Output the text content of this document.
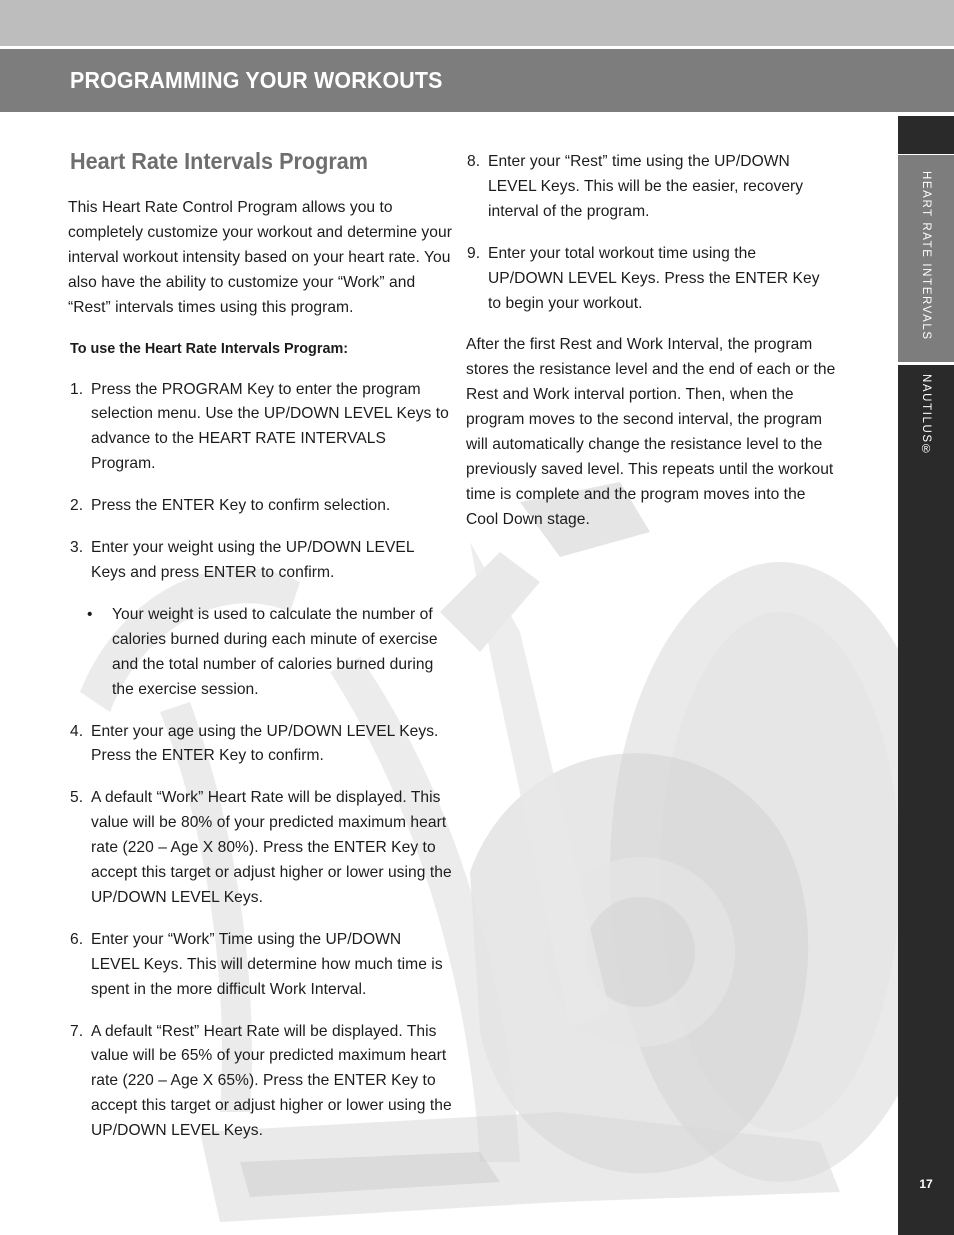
PROGRAMMING YOUR WORKOUTS
Heart Rate Intervals Program

This Heart Rate Control Program allows you to completely customize your workout and determine your interval workout intensity based on your heart rate. You also have the ability to customize your “Work” and “Rest” intervals times using this program.

To use the Heart Rate Intervals Program:
1. Press the PROGRAM Key to enter the program selection menu. Use the UP/DOWN LEVEL Keys to advance to the HEART RATE INTERVALS Program.
2. Press the ENTER Key to confirm selection.
3. Enter your weight using the UP/DOWN LEVEL Keys and press ENTER to confirm.
• Your weight is used to calculate the number of calories burned during each minute of exercise and the total number of calories burned during the exercise session.
4. Enter your age using the UP/DOWN LEVEL Keys. Press the ENTER Key to confirm.
5. A default “Work” Heart Rate will be displayed. This value will be 80% of your predicted maximum heart rate (220 – Age X 80%). Press the ENTER Key to accept this target or adjust higher or lower using the UP/DOWN LEVEL Keys.
6. Enter your “Work” Time using the UP/DOWN LEVEL Keys. This will determine how much time is spent in the more difficult Work Interval.
7. A default “Rest” Heart Rate will be displayed. This value will be 65% of your predicted maximum heart rate (220 – Age X 65%). Press the ENTER Key to accept this target or adjust higher or lower using the UP/DOWN LEVEL Keys.
8. Enter your “Rest” time using the UP/DOWN LEVEL Keys. This will be the easier, recovery interval of the program.
9. Enter your total workout time using the UP/DOWN LEVEL Keys. Press the ENTER Key to begin your workout.

After the first Rest and Work Interval, the program stores the resistance level and the end of each or the Rest and Work interval portion. Then, when the program moves to the second interval, the program will automatically change the resistance level to the previously saved level. This repeats until the workout time is complete and the program moves into the Cool Down stage.

HEART RATE INTERVALS
NAUTILUS®
17
